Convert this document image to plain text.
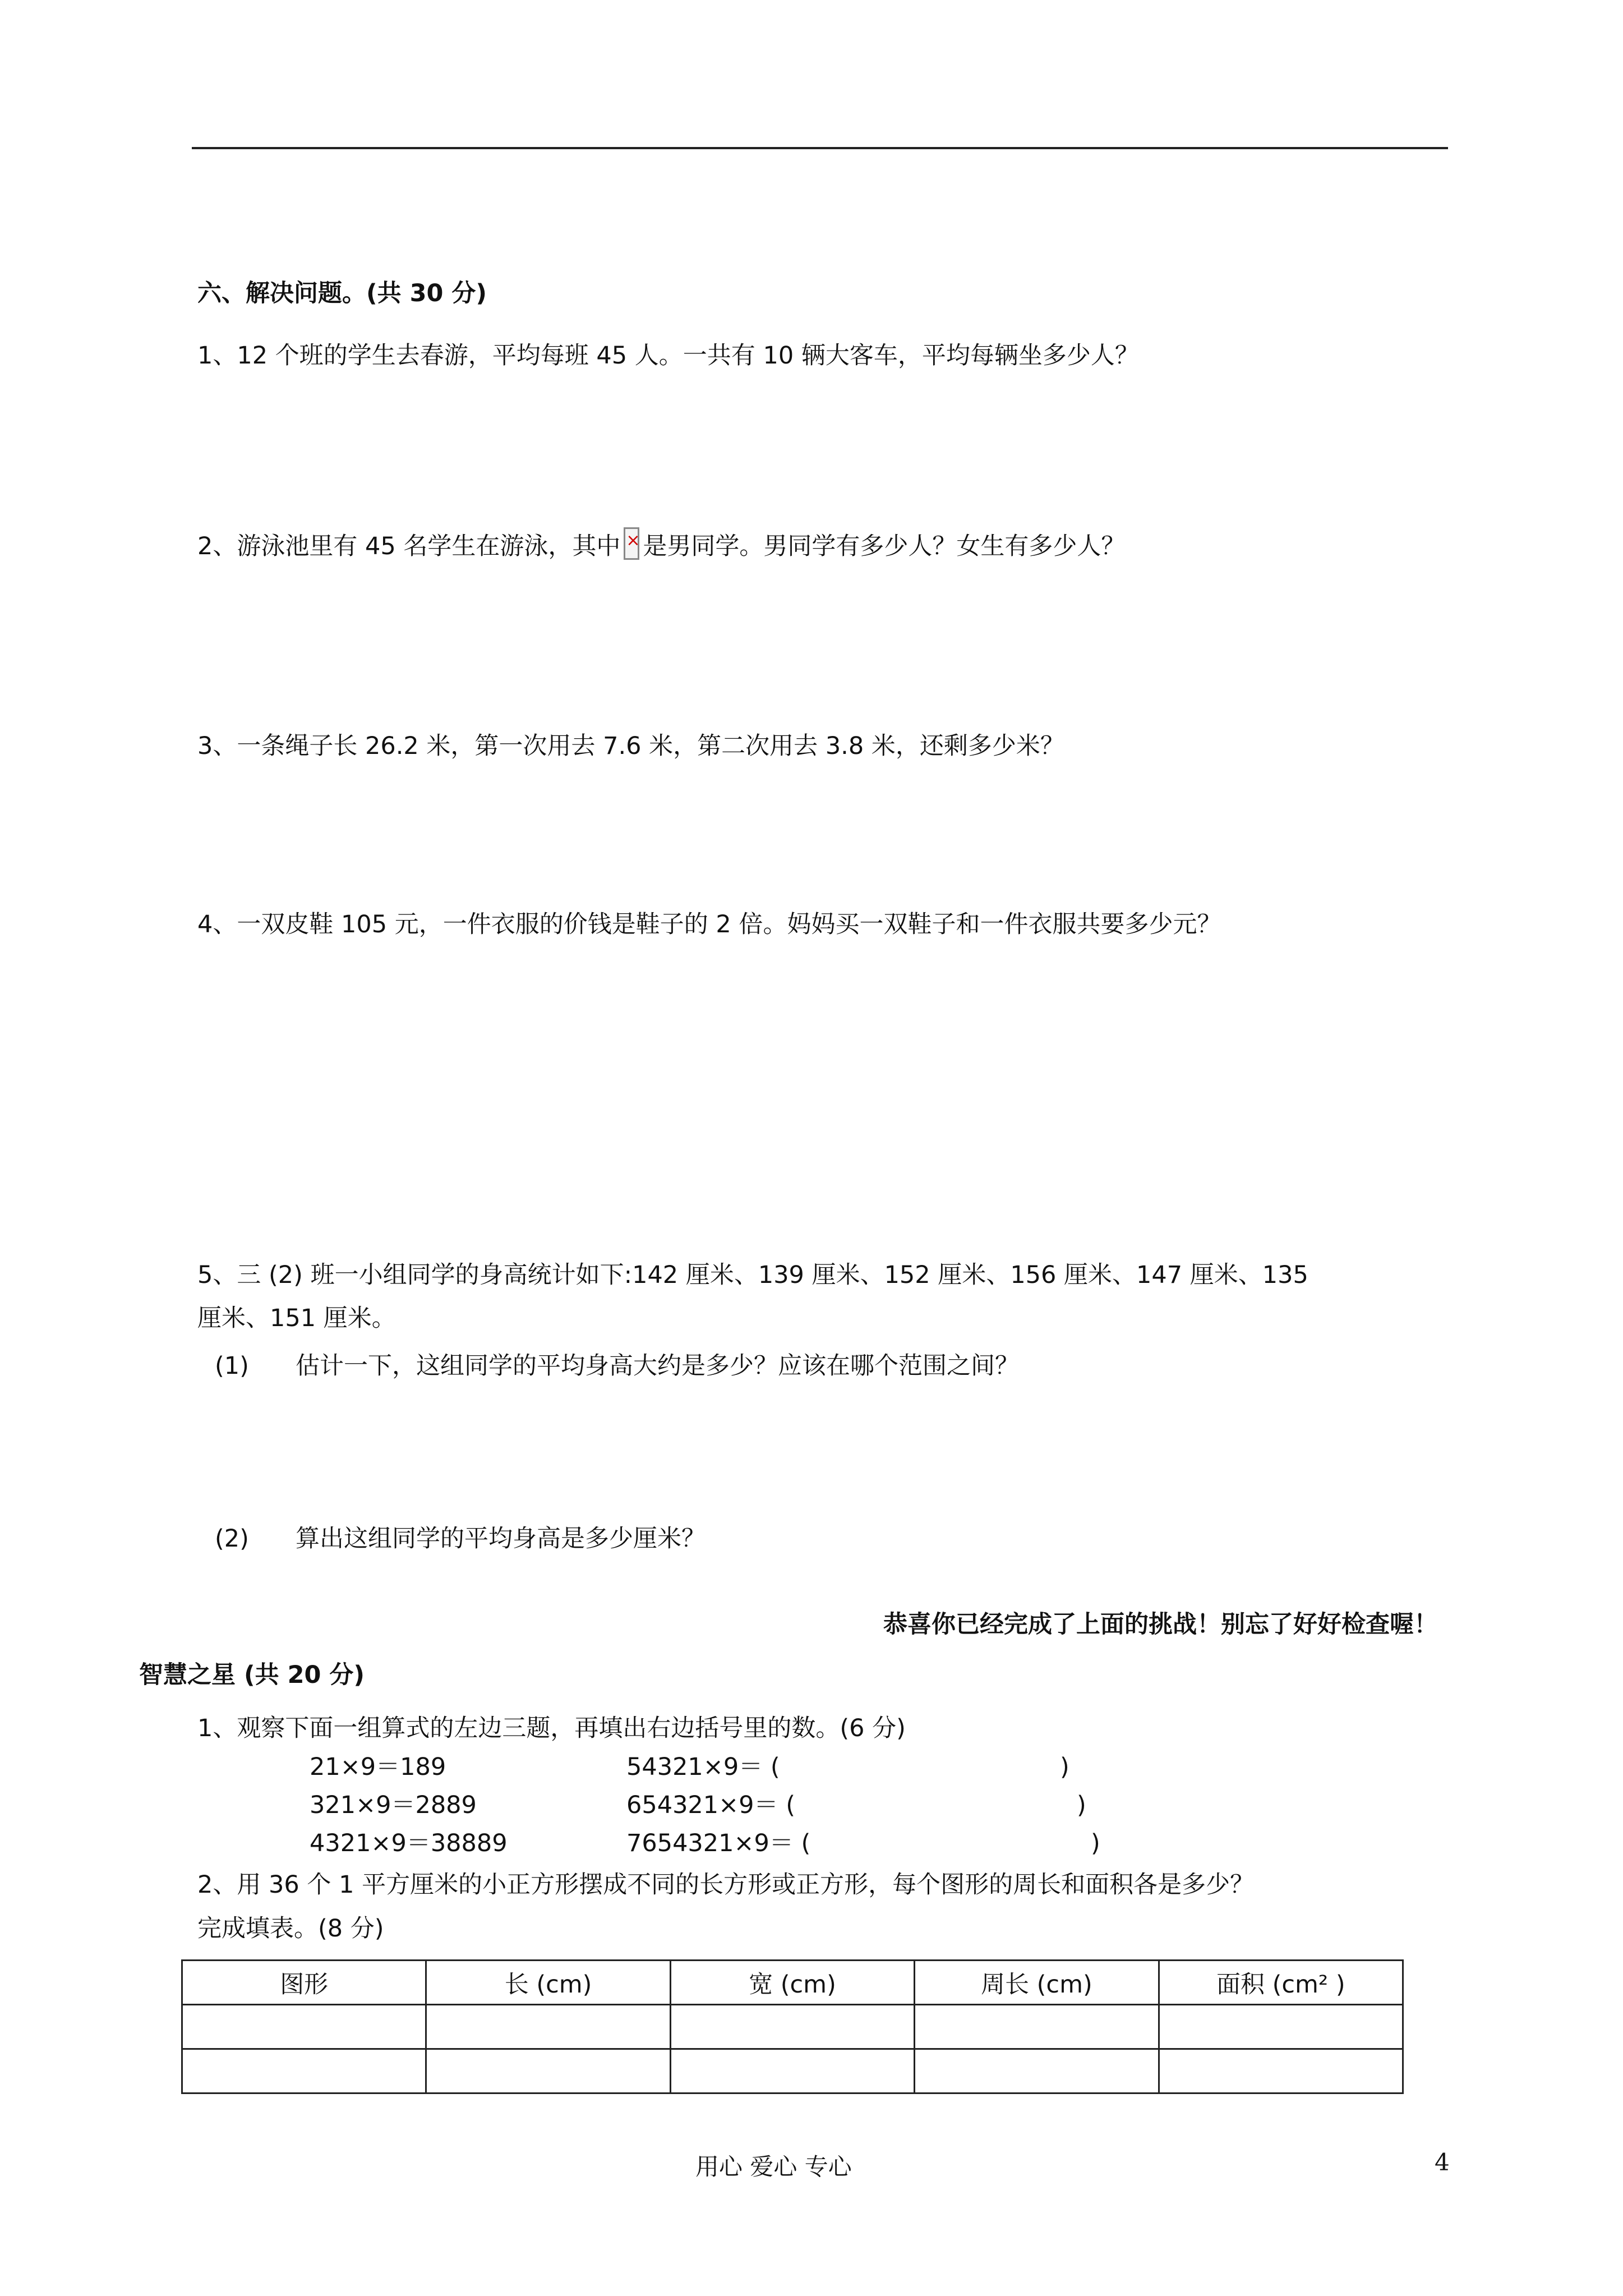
六、解决问题。(共 30 分)
1、12 个班的学生去春游，平均每班 45 人。一共有 10 辆大客车，平均每辆坐多少人？
2、游泳池里有 45 名学生在游泳，其中 × 是男同学。男同学有多少人？女生有多少人？
3、一条绳子长 26.2 米，第一次用去 7.6 米，第二次用去 3.8 米，还剩多少米？
4、一双皮鞋 105 元，一件衣服的价钱是鞋子的 2 倍。妈妈买一双鞋子和一件衣服共要多少元？
5、三 (2) 班一小组同学的身高统计如下:142 厘米、139 厘米、152 厘米、156 厘米、147 厘米、135
厘米、151 厘米。
(1) 估计一下，这组同学的平均身高大约是多少？应该在哪个范围之间？
(2) 算出这组同学的平均身高是多少厘米？
恭喜你已经完成了上面的挑战！别忘了好好检查喔！
智慧之星 (共 20 分)
1、观察下面一组算式的左边三题，再填出右边括号里的数。(6 分)
21×9＝189	54321×9＝ (	)
321×9＝2889	654321×9＝ (	)
4321×9＝38889	7654321×9＝ (	)
2、用 36 个 1 平方厘米的小正方形摆成不同的长方形或正方形，每个图形的周长和面积各是多少？
完成填表。(8 分)
图形	长 (cm)	宽 (cm)	周长 (cm)	面积 (cm² )

用心 爱心 专心	4
